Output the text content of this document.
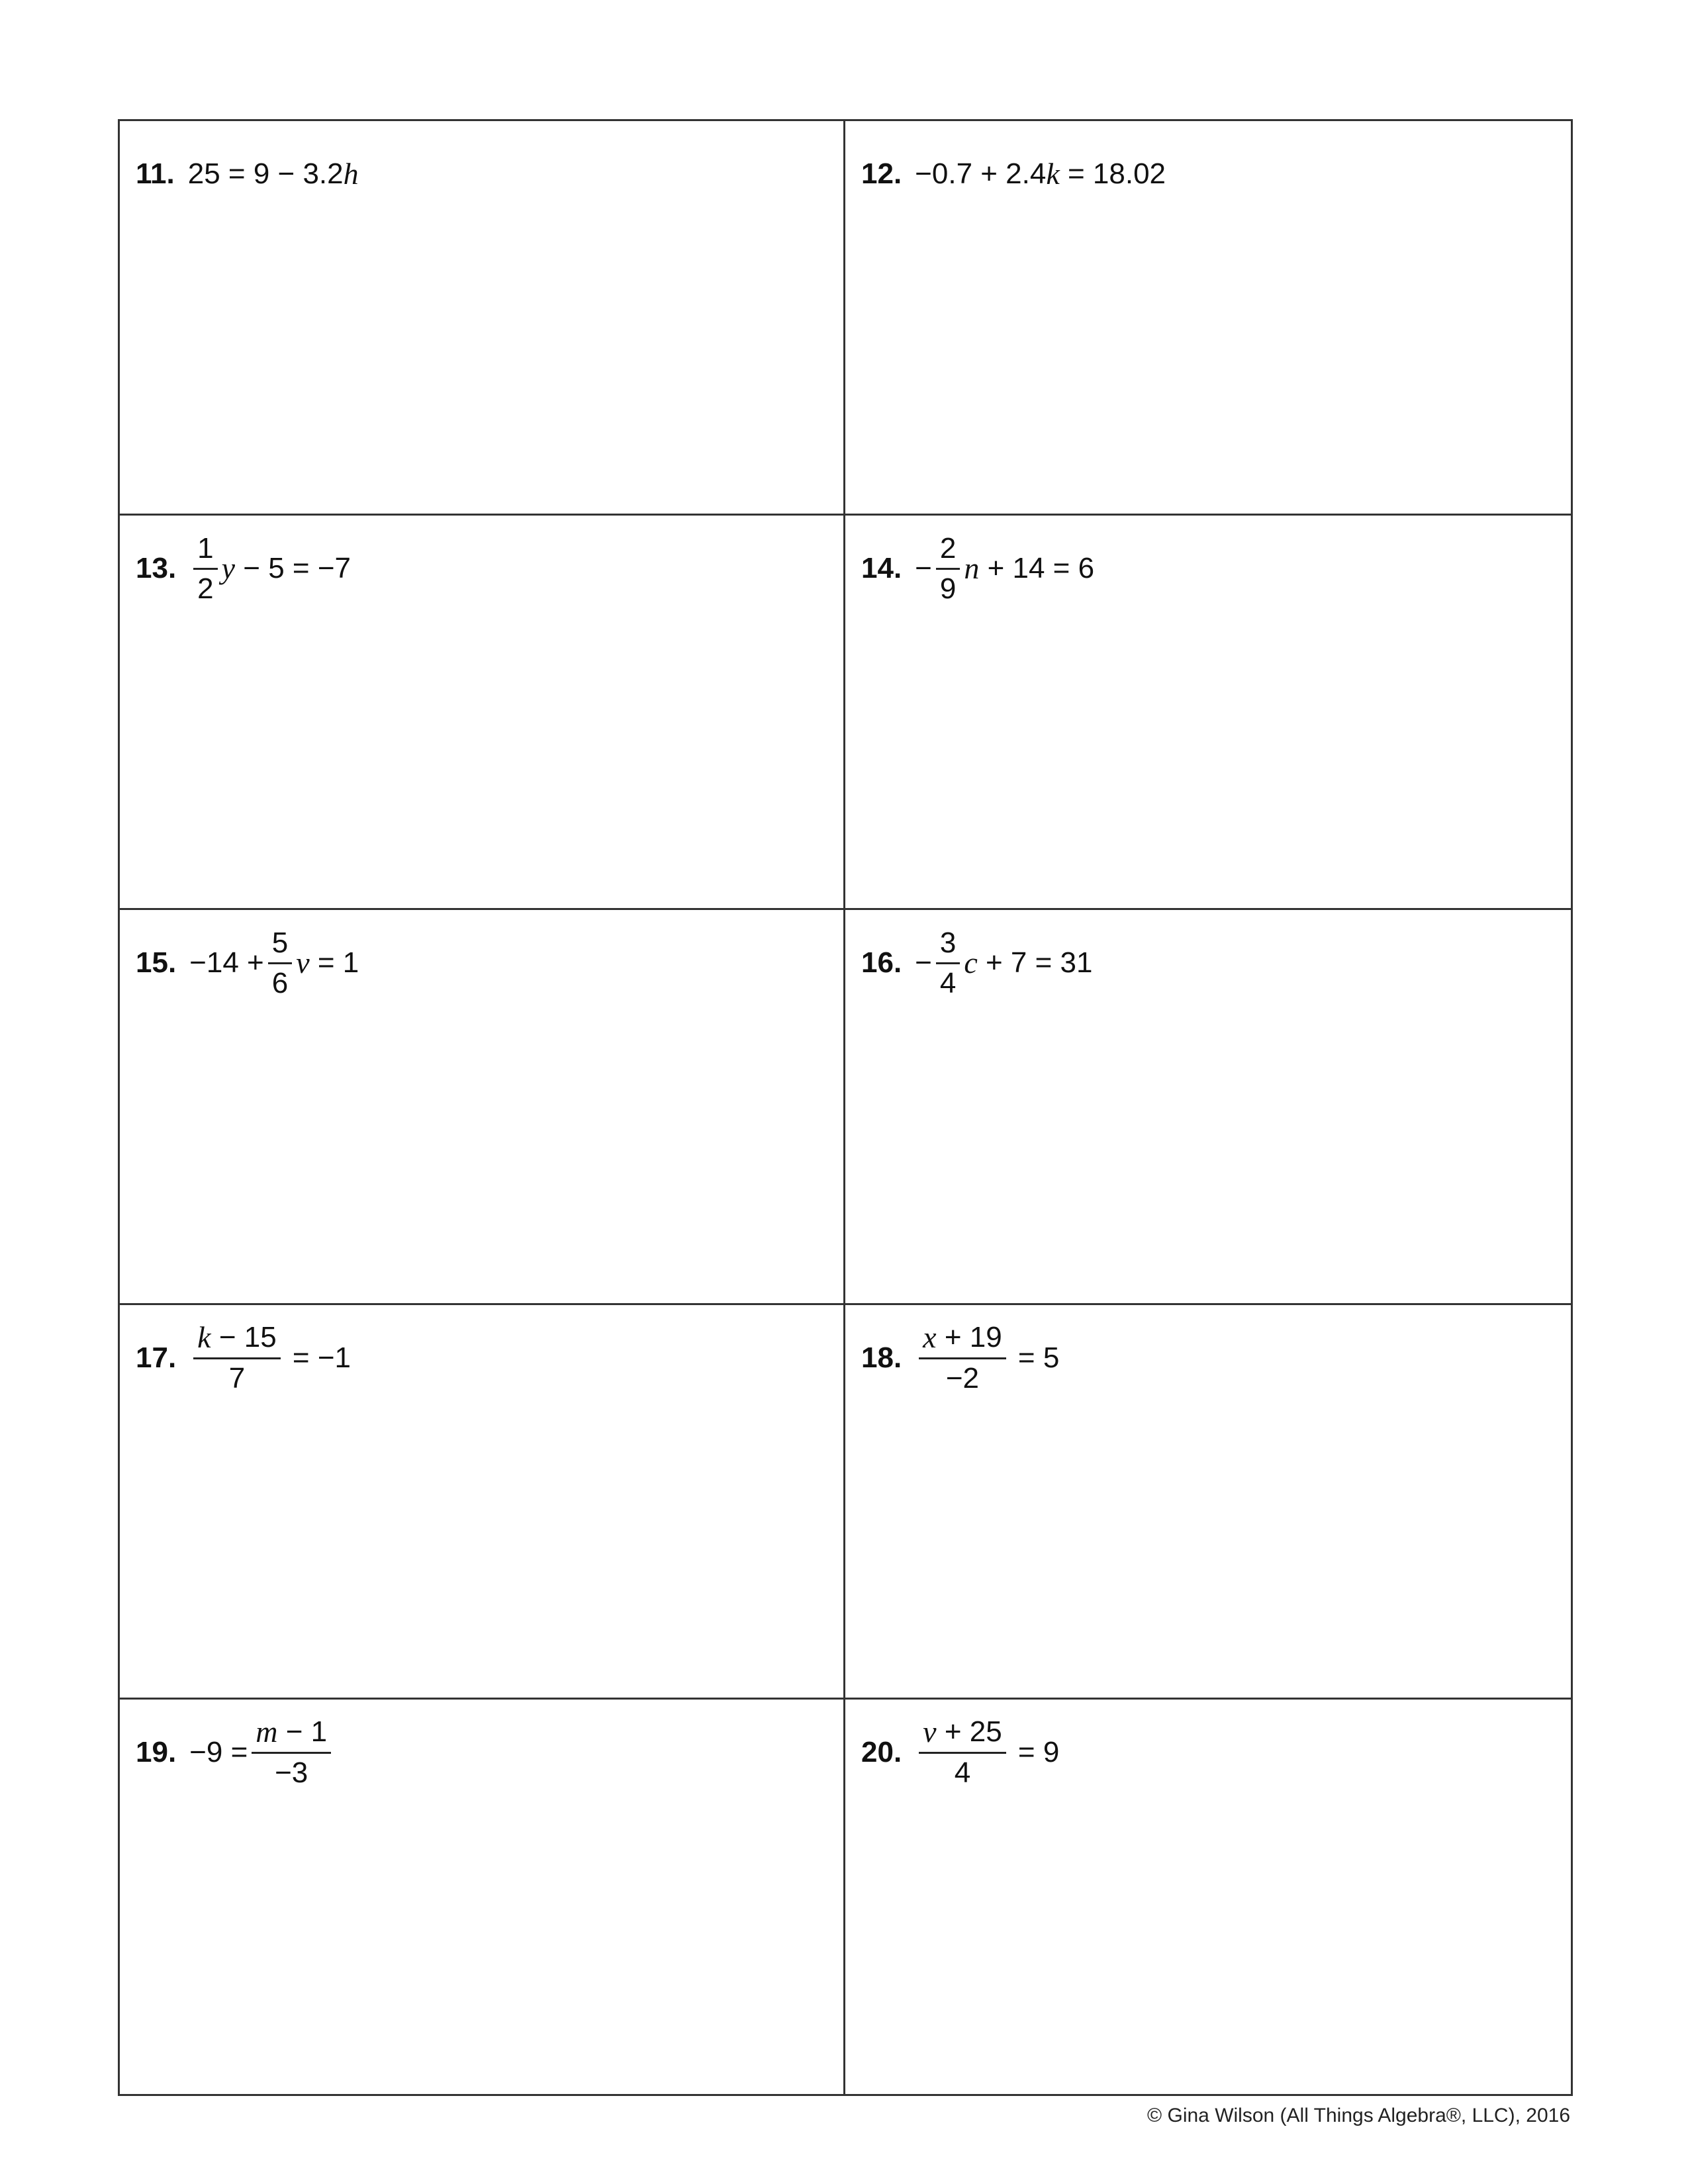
11. 25 = 9 − 3.2 h	12. −0.7 + 2.4 k = 18.02
13. $\frac{1}{2}$ y − 5 = −7	14. − $\frac{2}{9}$ n + 14 = 6
15. $-14 + \frac{5}{6}$ v = 1	16. − $\frac{3}{4}$ c + 7 = 31
17. $\frac{k - 15}{7} = -1$	18. $\frac{x + 19}{-2} = 5$
19. $-9 = \frac{m - 1}{-3}$	20. $\frac{v + 25}{4} = 9$
© Gina Wilson (All Things Algebra®, LLC), 2016
